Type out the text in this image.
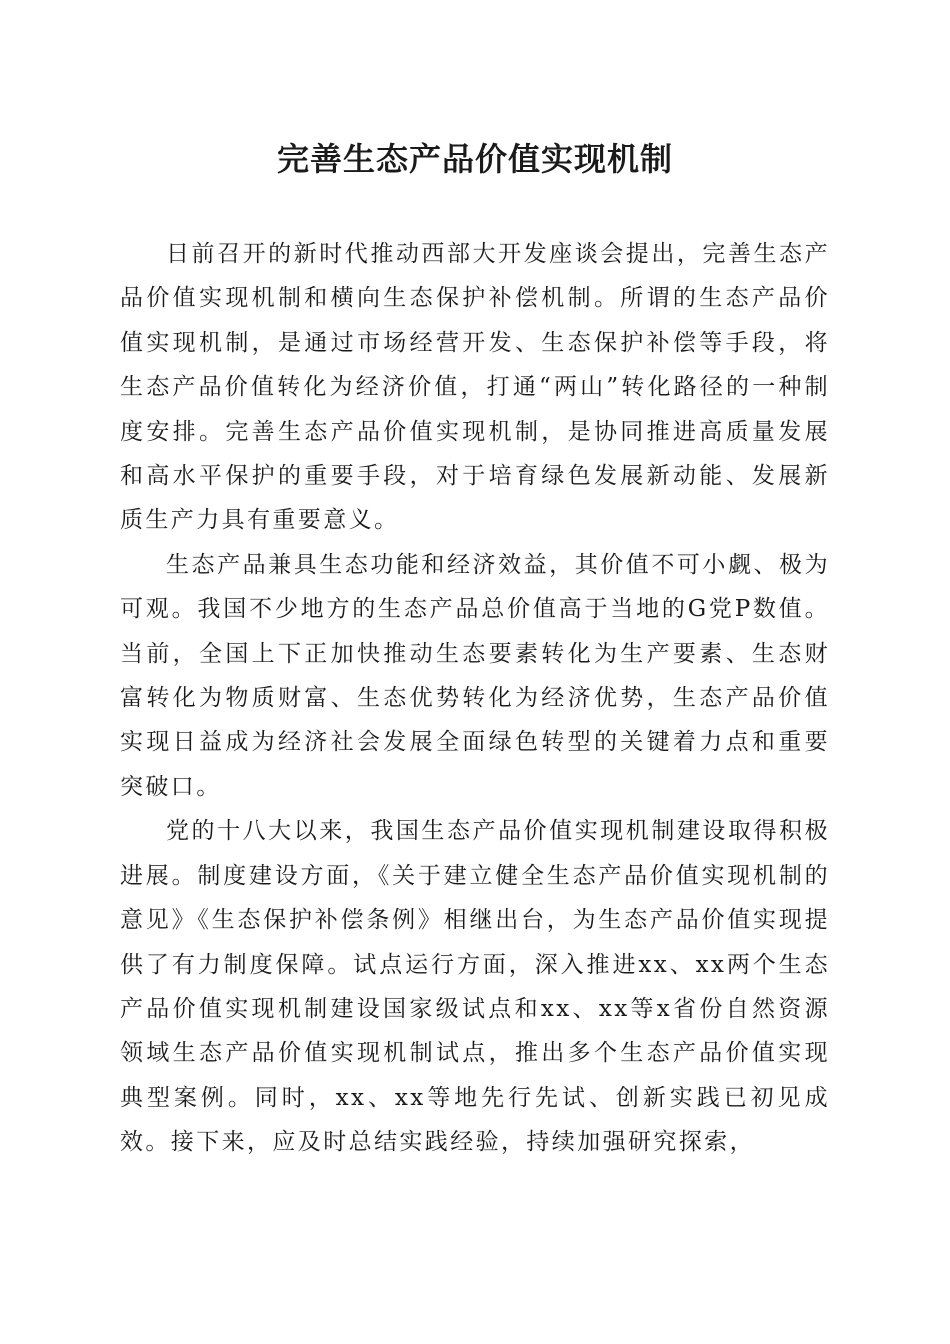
完善生态产品价值实现机制

日前召开的新时代推动西部大开发座谈会提出，完善生态产品价值实现机制和横向生态保护补偿机制。所谓的生态产品价值实现机制，是通过市场经营开发、生态保护补偿等手段，将生态产品价值转化为经济价值，打通“两山”转化路径的一种制度安排。完善生态产品价值实现机制，是协同推进高质量发展和高水平保护的重要手段，对于培育绿色发展新动能、发展新质生产力具有重要意义。

生态产品兼具生态功能和经济效益，其价值不可小觑、极为可观。我国不少地方的生态产品总价值高于当地的G党P数值。当前，全国上下正加快推动生态要素转化为生产要素、生态财富转化为物质财富、生态优势转化为经济优势，生态产品价值实现日益成为经济社会发展全面绿色转型的关键着力点和重要突破口。

党的十八大以来，我国生态产品价值实现机制建设取得积极进展。制度建设方面，《关于建立健全生态产品价值实现机制的意见》《生态保护补偿条例》相继出台，为生态产品价值实现提供了有力制度保障。试点运行方面，深入推进xx、xx两个生态产品价值实现机制建设国家级试点和xx、xx等x省份自然资源领域生态产品价值实现机制试点，推出多个生态产品价值实现典型案例。同时，xx、xx等地先行先试、创新实践已初见成效。接下来，应及时总结实践经验，持续加强研究探索，
